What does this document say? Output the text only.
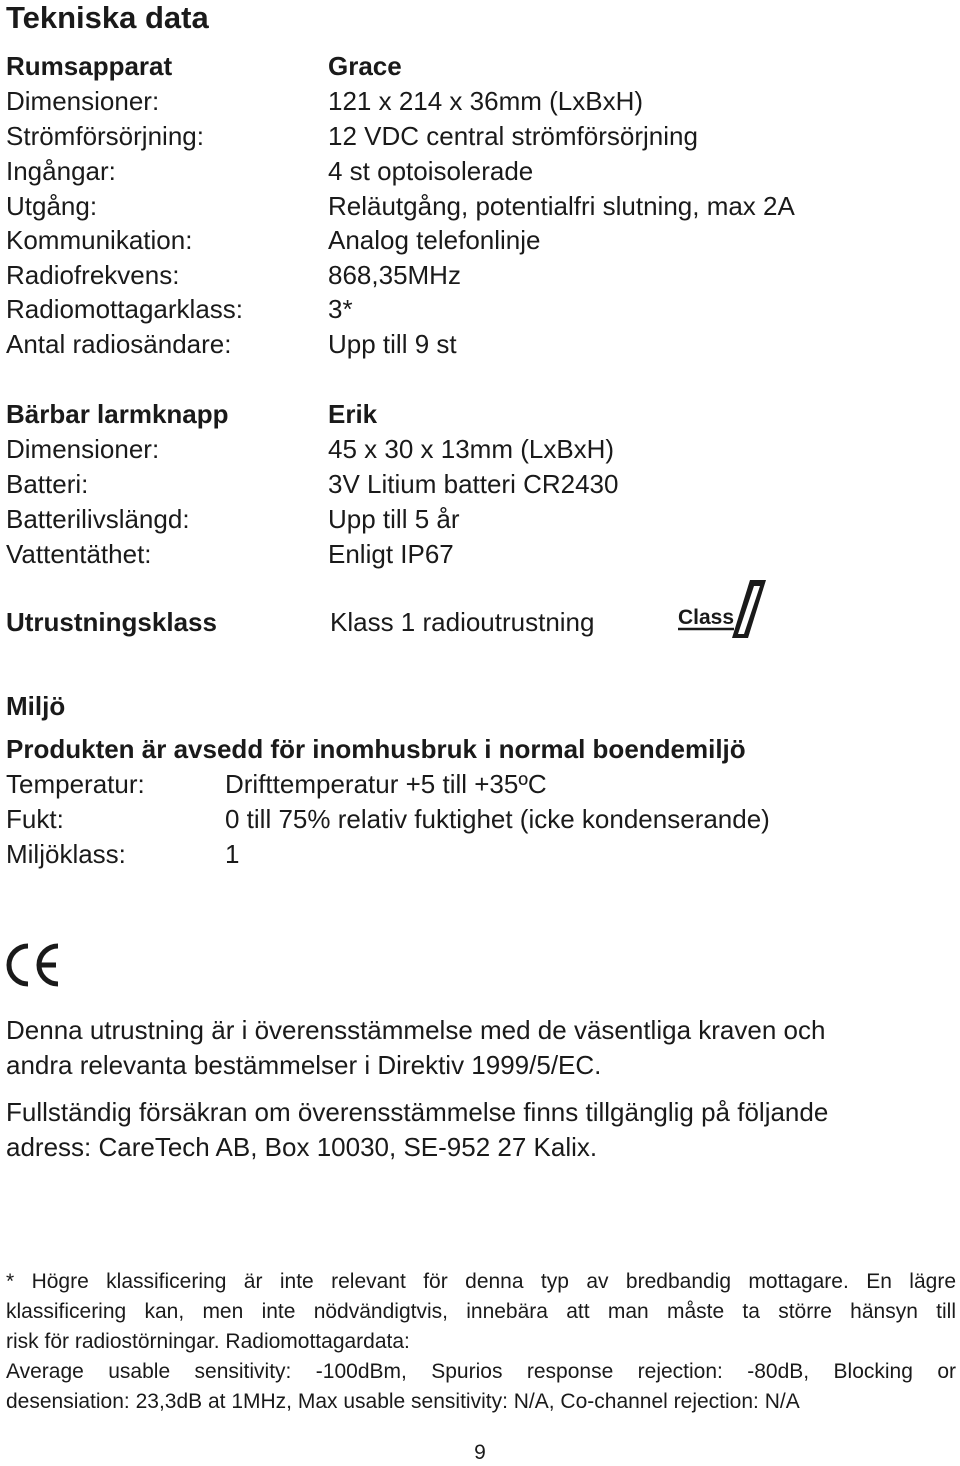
Tekniska data
Rumsapparat	Grace
Dimensioner:	121 x 214 x 36mm (LxBxH)
Strömförsörjning:	12 VDC central strömförsörjning
Ingångar:	4 st optoisolerade
Utgång:	Reläutgång, potentialfri slutning, max 2A
Kommunikation:	Analog telefonlinje
Radiofrekvens:	868,35MHz
Radiomottagarklass:	3*
Antal radiosändare:	Upp till 9 st
Bärbar larmknapp	Erik
Dimensioner:	45 x 30 x 13mm (LxBxH)
Batteri:	3V Litium batteri CR2430
Batterilivslängd:	Upp till 5 år
Vattentäthet:	Enligt IP67
Utrustningsklass	Klass 1 radioutrustning	Class
Miljö
Produkten är avsedd för inomhusbruk i normal boendemiljö
Temperatur:	Drifttemperatur +5 till +35ºC
Fukt:	0 till 75% relativ fuktighet (icke kondenserande)
Miljöklass:	1
Denna utrustning är i överensstämmelse med de väsentliga kraven och
andra relevanta bestämmelser i Direktiv 1999/5/EC.
Fullständig försäkran om överensstämmelse finns tillgänglig på följande
adress: CareTech AB, Box 10030, SE-952 27 Kalix.
* Högre klassificering är inte relevant för denna typ av bredbandig mottagare. En lägre
klassificering kan, men inte nödvändigtvis, innebära att man måste ta större hänsyn till
risk för radiostörningar. Radiomottagardata:
Average usable sensitivity: -100dBm, Spurios response rejection: -80dB, Blocking or
desensiation: 23,3dB at 1MHz, Max usable sensitivity: N/A, Co-channel rejection: N/A
9
